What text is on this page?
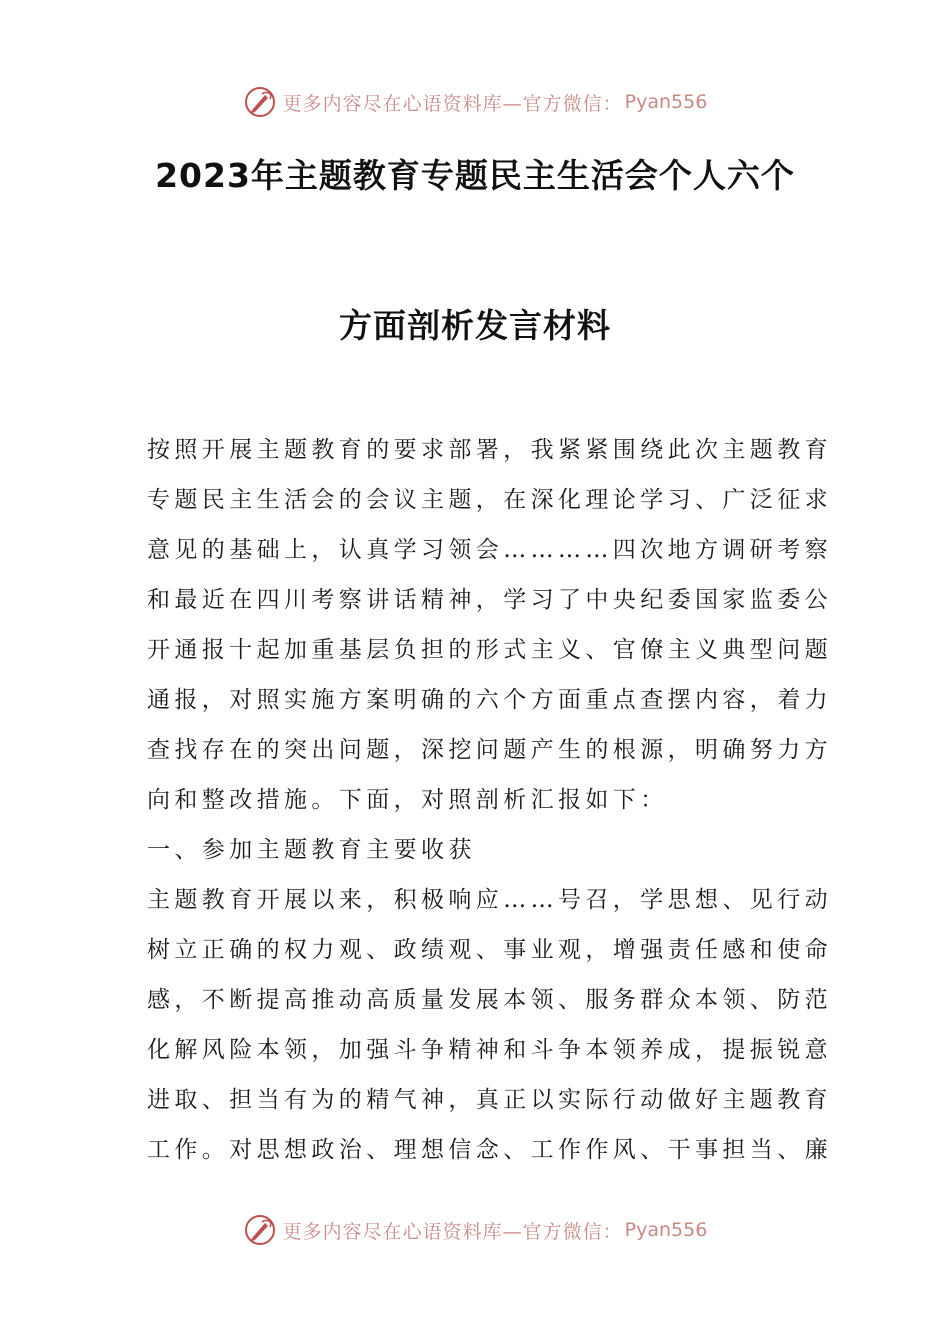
更多内容尽在心语资料库—官方微信： Pyan556
2023年主题教育专题民主生活会个人六个
方面剖析发言材料
按照开展主题教育的要求部署，我紧紧围绕此次主题教育
专题民主生活会的会议主题，在深化理论学习、广泛征求
意见的基础上，认真学习领会…………四次地方调研考察
和最近在四川考察讲话精神，学习了中央纪委国家监委公
开通报十起加重基层负担的形式主义、官僚主义典型问题
通报，对照实施方案明确的六个方面重点查摆内容，着力
查找存在的突出问题，深挖问题产生的根源，明确努力方
向和整改措施。下面，对照剖析汇报如下：
一、参加主题教育主要收获
主题教育开展以来，积极响应……号召，学思想、见行动
树立正确的权力观、政绩观、事业观，增强责任感和使命
感，不断提高推动高质量发展本领、服务群众本领、防范
化解风险本领，加强斗争精神和斗争本领养成，提振锐意
进取、担当有为的精气神，真正以实际行动做好主题教育
工作。对思想政治、理想信念、工作作风、干事担当、廉
更多内容尽在心语资料库—官方微信： Pyan556
